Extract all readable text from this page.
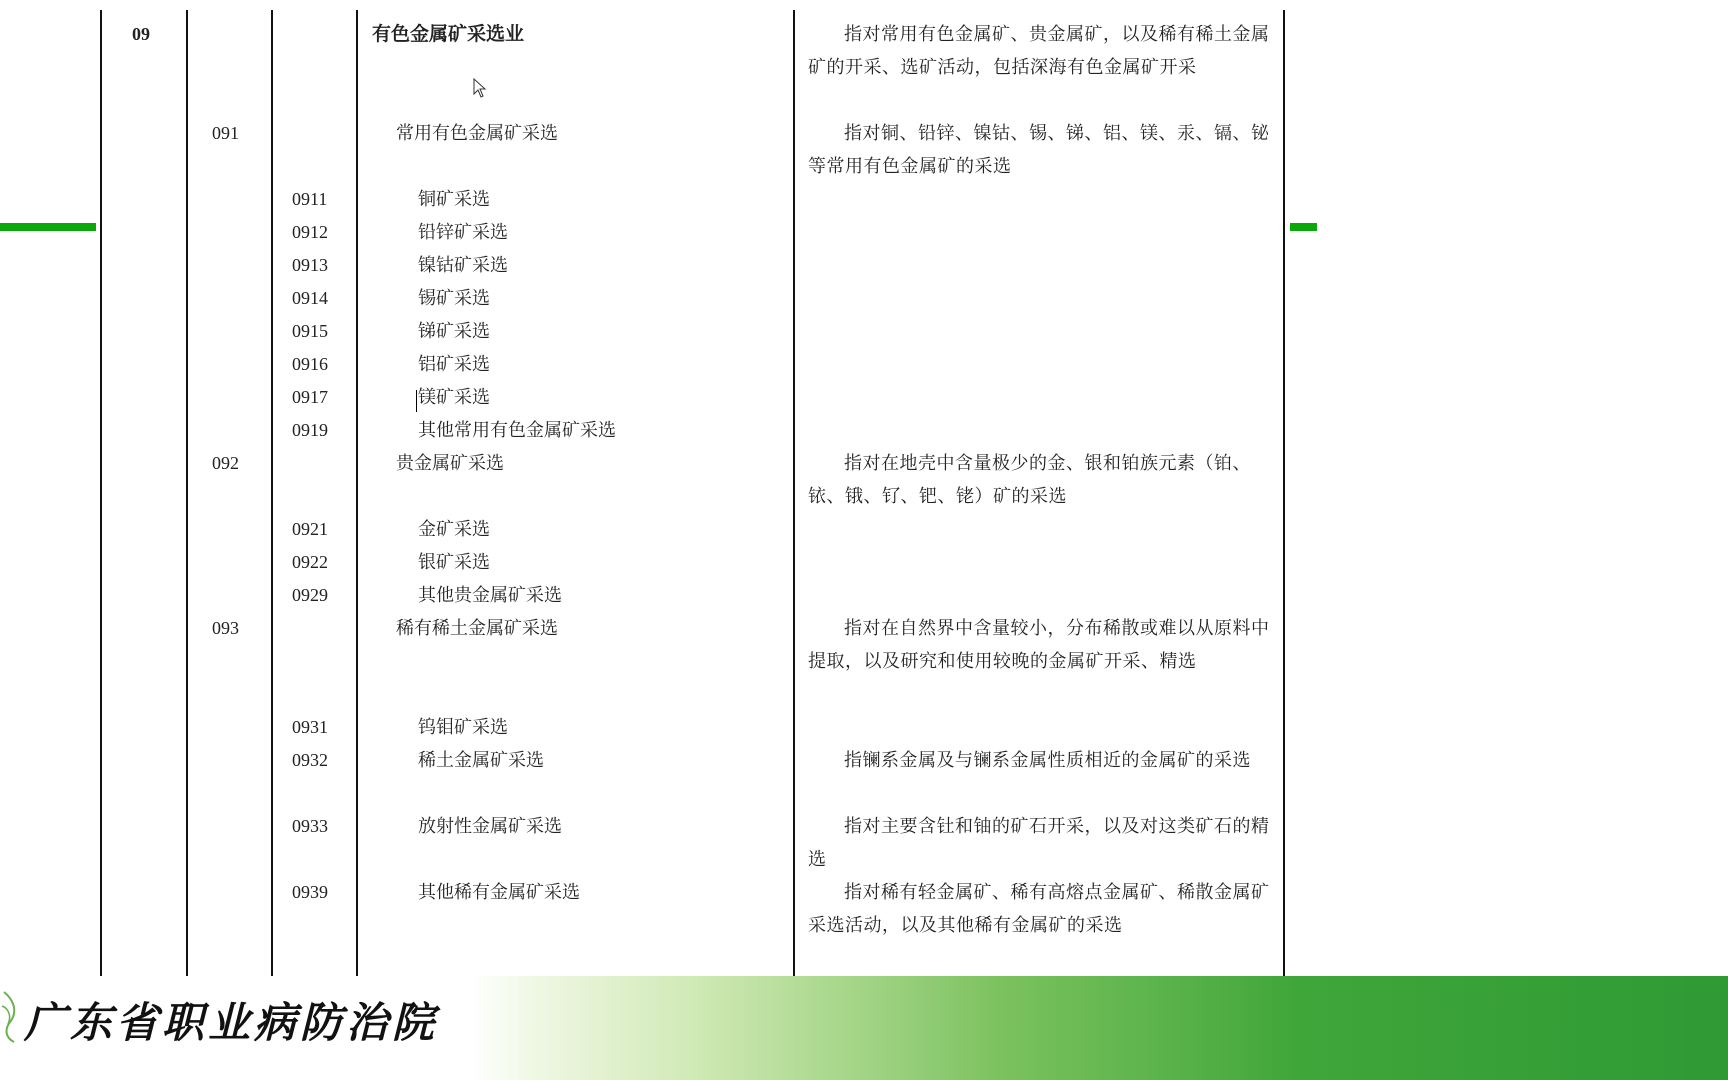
09	有色金属矿采选业	指对常用有色金属矿、贵金属矿，以及稀有稀土金属矿的开采、选矿活动，包括深海有色金属矿开采
091	常用有色金属矿采选	指对铜、铅锌、镍钴、锡、锑、铝、镁、汞、镉、铋等常用有色金属矿的采选
0911	铜矿采选
0912	铅锌矿采选
0913	镍钴矿采选
0914	锡矿采选
0915	锑矿采选
0916	铝矿采选
0917	镁矿采选
0919	其他常用有色金属矿采选
092	贵金属矿采选	指对在地壳中含量极少的金、银和铂族元素（铂、铱、锇、钌、钯、铑）矿的采选
0921	金矿采选
0922	银矿采选
0929	其他贵金属矿采选
093	稀有稀土金属矿采选	指对在自然界中含量较小，分布稀散或难以从原料中提取，以及研究和使用较晚的金属矿开采、精选
0931	钨钼矿采选
0932	稀土金属矿采选	指镧系金属及与镧系金属性质相近的金属矿的采选
0933	放射性金属矿采选	指对主要含钍和铀的矿石开采，以及对这类矿石的精选
0939	其他稀有金属矿采选	指对稀有轻金属矿、稀有高熔点金属矿、稀散金属矿采选活动，以及其他稀有金属矿的采选
广东省职业病防治院
